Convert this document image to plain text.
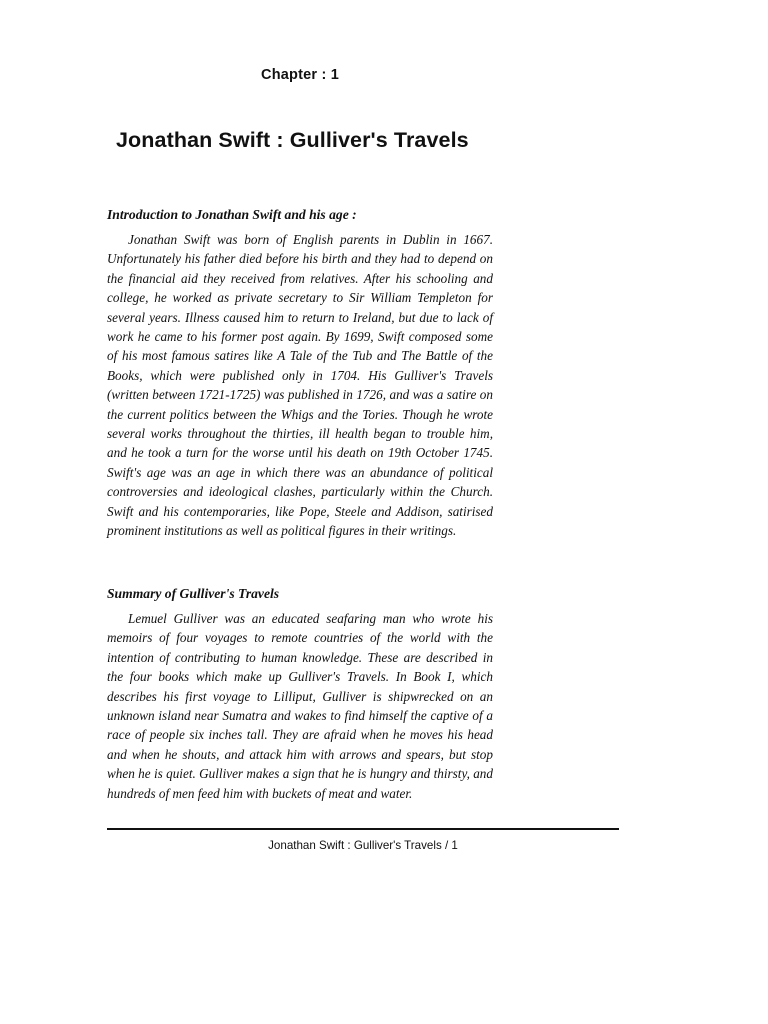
Chapter : 1
Jonathan Swift : Gulliver's Travels
Introduction to Jonathan Swift and his age :

Jonathan Swift was born of English parents in Dublin in 1667. Unfortunately his father died before his birth and they had to depend on the financial aid they received from relatives. After his schooling and college, he worked as private secretary to Sir William Templeton for several years. Illness caused him to return to Ireland, but due to lack of work he came to his former post again. By 1699, Swift composed some of his most famous satires like A Tale of the Tub and The Battle of the Books, which were published only in 1704. His Gulliver's Travels (written between 1721-1725) was published in 1726, and was a satire on the current politics between the Whigs and the Tories. Though he wrote several works throughout the thirties, ill health began to trouble him, and he took a turn for the worse until his death on 19th October 1745. Swift's age was an age in which there was an abundance of political controversies and ideological clashes, particularly within the Church. Swift and his contemporaries, like Pope, Steele and Addison, satirised prominent institutions as well as political figures in their writings.

Summary of Gulliver's Travels

Lemuel Gulliver was an educated seafaring man who wrote his memoirs of four voyages to remote countries of the world with the intention of contributing to human knowledge. These are described in the four books which make up Gulliver's Travels. In Book I, which describes his first voyage to Lilliput, Gulliver is shipwrecked on an unknown island near Sumatra and wakes to find himself the captive of a race of people six inches tall. They are afraid when he moves his head and when he shouts, and attack him with arrows and spears, but stop when he is quiet. Gulliver makes a sign that he is hungry and thirsty, and hundreds of men feed him with buckets of meat and water.

Jonathan Swift : Gulliver's Travels / 1
